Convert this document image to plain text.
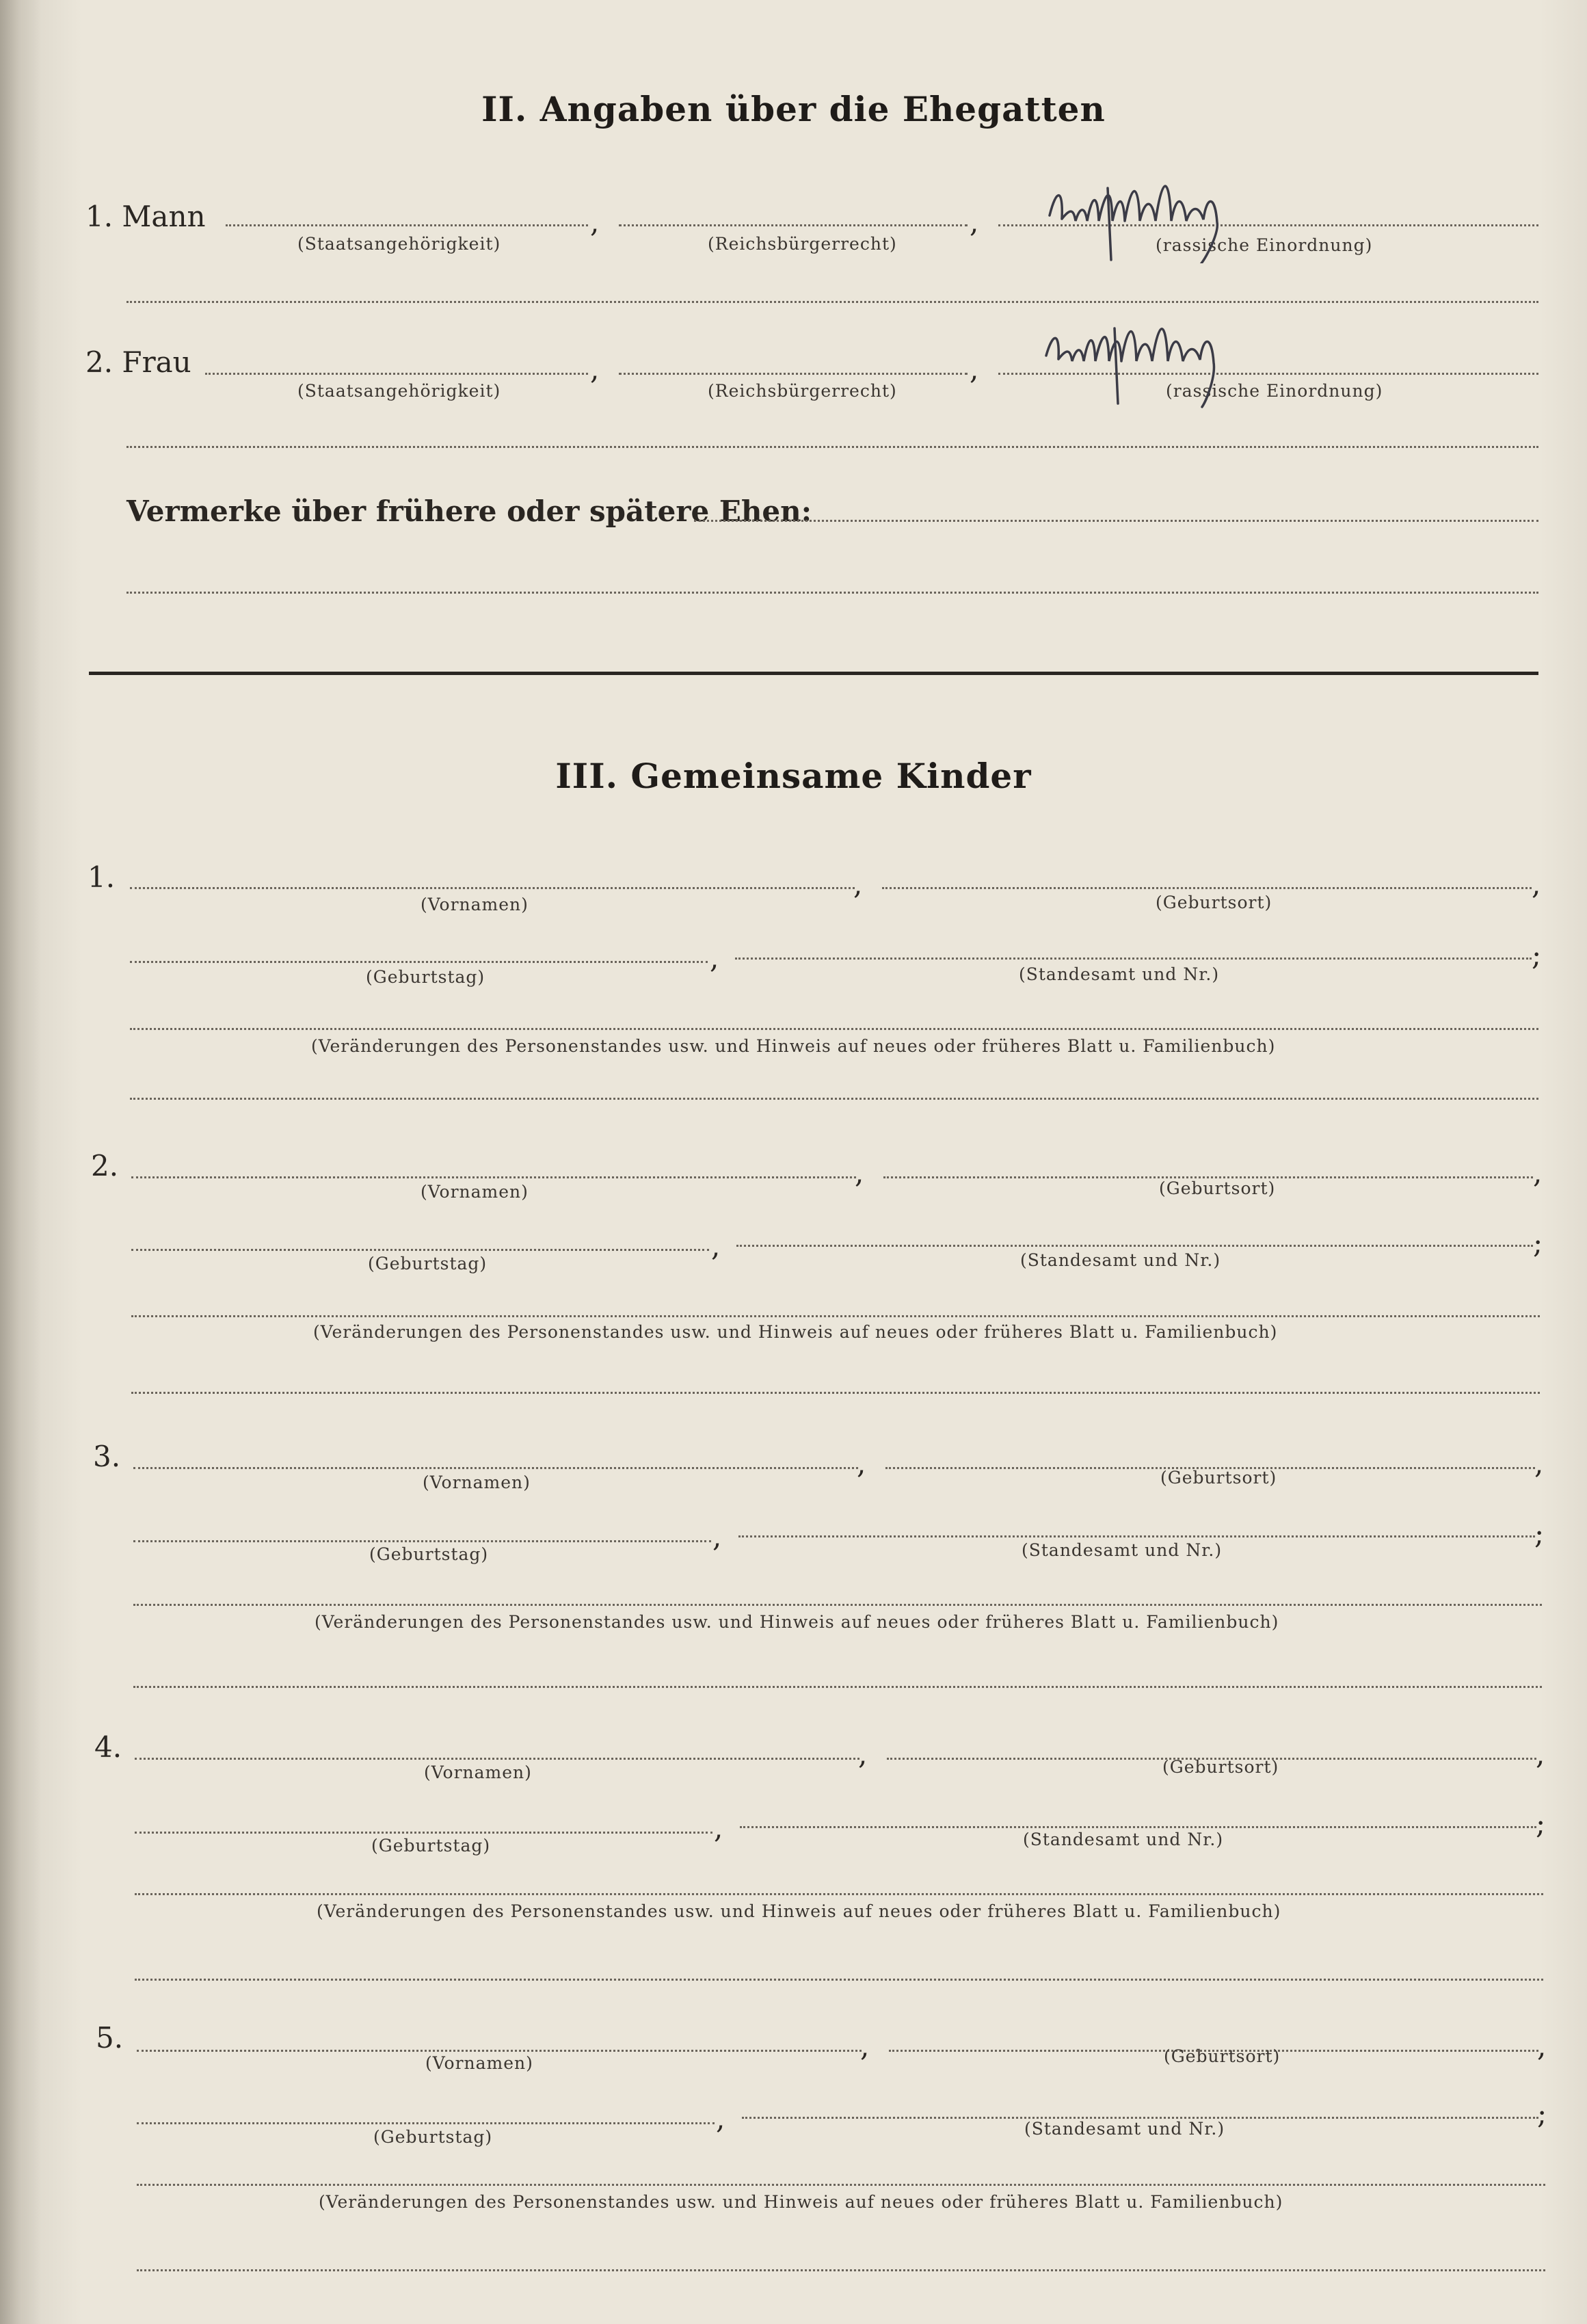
II. Angaben über die Ehegatten
1. Mann	,	,
(Staatsangehörigkeit)	(Reichsbürgerrecht)	(rassische Einordnung)
2. Frau	,	,
(Staatsangehörigkeit)	(Reichsbürgerrecht)	(rassische Einordnung)
Vermerke über frühere oder spätere Ehen:
III. Gemeinsame Kinder
1.	,	,
(Vornamen)	(Geburtsort)
,	;
(Geburtstag)	(Standesamt und Nr.)
(Veränderungen des Personenstandes usw. und Hinweis auf neues oder früheres Blatt u. Familienbuch)
2.	,	,
(Vornamen)	(Geburtsort)
,	;
(Geburtstag)	(Standesamt und Nr.)
(Veränderungen des Personenstandes usw. und Hinweis auf neues oder früheres Blatt u. Familienbuch)
3.	,	,
(Vornamen)	(Geburtsort)
,	;
(Geburtstag)	(Standesamt und Nr.)
(Veränderungen des Personenstandes usw. und Hinweis auf neues oder früheres Blatt u. Familienbuch)
4.	,	,
(Vornamen)	(Geburtsort)
,	;
(Geburtstag)	(Standesamt und Nr.)
(Veränderungen des Personenstandes usw. und Hinweis auf neues oder früheres Blatt u. Familienbuch)
5.	,	,
(Vornamen)	(Geburtsort)
,	;
(Geburtstag)	(Standesamt und Nr.)
(Veränderungen des Personenstandes usw. und Hinweis auf neues oder früheres Blatt u. Familienbuch)
